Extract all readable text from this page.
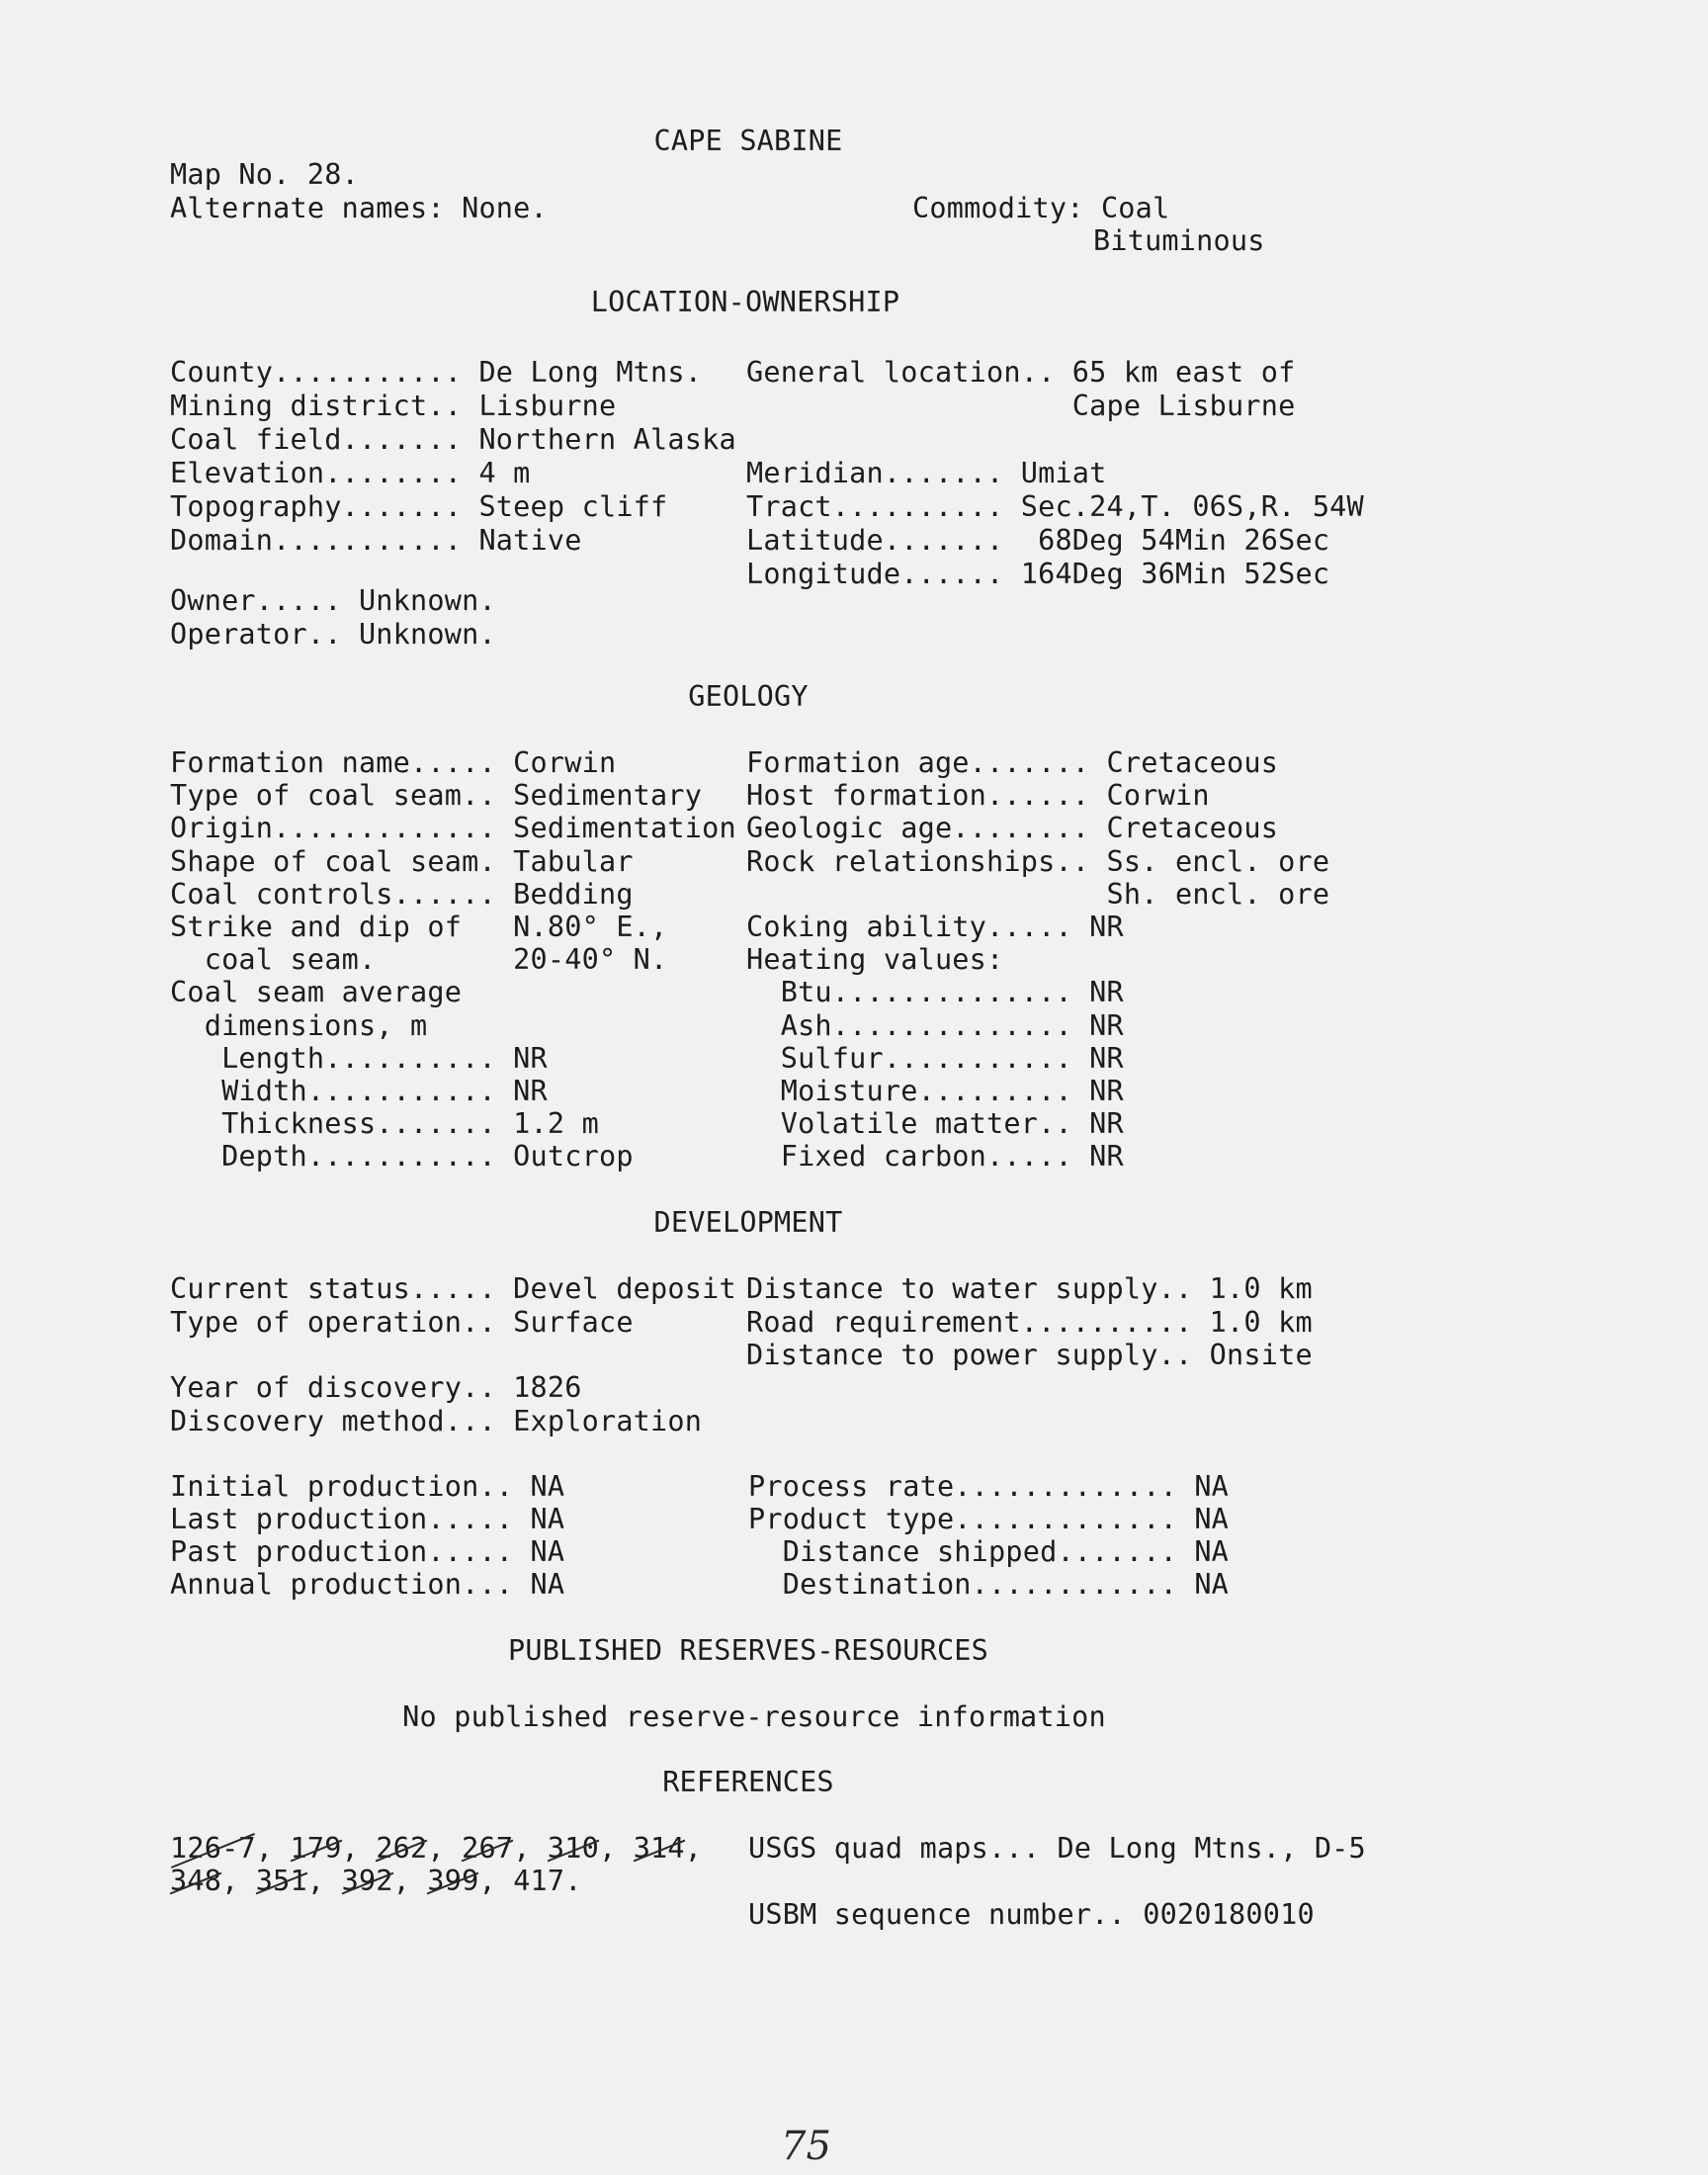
CAPE SABINE
Map No. 28.
Alternate names: None.	Commodity: Coal
Bituminous
LOCATION-OWNERSHIP
County........... De Long Mtns.
Mining district.. Lisburne
Coal field....... Northern Alaska
Elevation........ 4 m
Topography....... Steep cliff
Domain........... Native
General location.. 65 km east of
Cape Lisburne
Meridian....... Umiat
Tract.......... Sec.24,T. 06S,R. 54W
Latitude.......  68Deg 54Min 26Sec
Longitude...... 164Deg 36Min 52Sec
Owner..... Unknown.
Operator.. Unknown.
GEOLOGY
Formation name..... Corwin
Type of coal seam.. Sedimentary
Origin............. Sedimentation
Shape of coal seam. Tabular
Coal controls...... Bedding
Strike and dip of   N.80° E.,
coal seam.        20-40° N.
Coal seam average
dimensions, m
Length.......... NR
Width........... NR
Thickness....... 1.2 m
Depth........... Outcrop
Formation age....... Cretaceous
Host formation...... Corwin
Geologic age........ Cretaceous
Rock relationships.. Ss. encl. ore
Sh. encl. ore
Coking ability..... NR
Heating values:
Btu.............. NR
Ash.............. NR
Sulfur........... NR
Moisture......... NR
Volatile matter.. NR
Fixed carbon..... NR
DEVELOPMENT
Current status..... Devel deposit
Type of operation.. Surface
Distance to water supply.. 1.0 km
Road requirement.......... 1.0 km
Distance to power supply.. Onsite
Year of discovery.. 1826
Discovery method... Exploration
Initial production.. NA
Last production..... NA
Past production..... NA
Annual production... NA
Process rate............. NA
Product type............. NA
Distance shipped....... NA
Destination............ NA
PUBLISHED RESERVES-RESOURCES
No published reserve-resource information
REFERENCES
126-7, 179, 262, 267, 310, 314,
348, 351, 392, 399, 417.
USGS quad maps... De Long Mtns., D-5
USBM sequence number.. 0020180010
75
